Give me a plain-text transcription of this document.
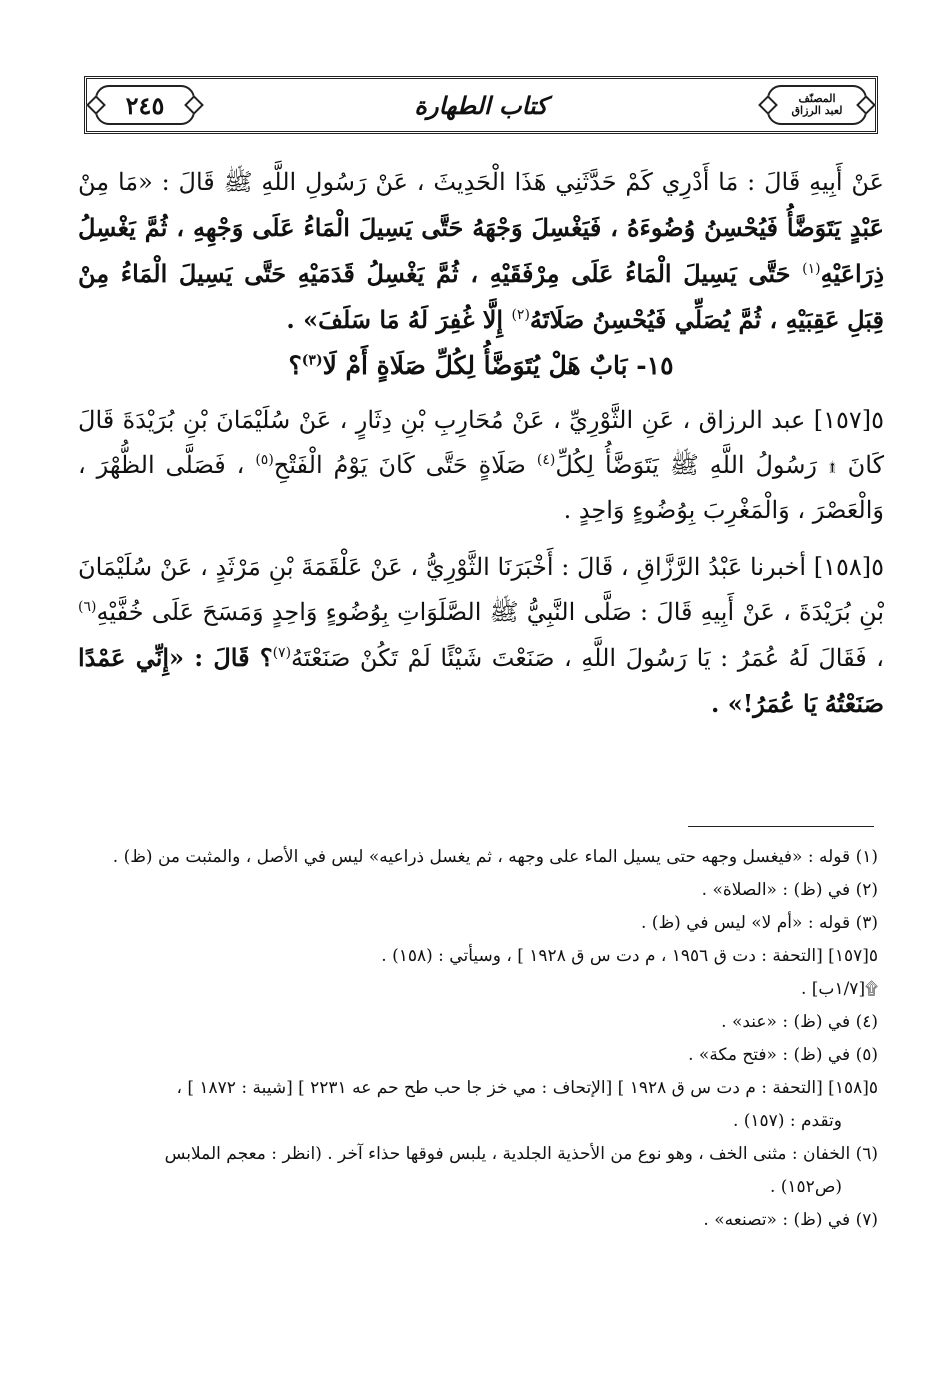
٢٤٥	كتاب الطهارة	المصنّف
لعبد الرزاق

عَنْ أَبِيهِ قَالَ : مَا أَدْرِي كَمْ حَدَّثَنِي هَذَا الْحَدِيثَ ، عَنْ رَسُولِ اللَّهِ ﷺ قَالَ : «مَا مِنْ عَبْدٍ يَتَوَضَّأُ فَيُحْسِنُ وُضُوءَهُ ، فَيَغْسِلَ وَجْهَهُ حَتَّى يَسِيلَ الْمَاءُ عَلَى وَجْهِهِ ، ثُمَّ يَغْسِلُ ذِرَاعَيْهِ$^{(١)}$ حَتَّى يَسِيلَ الْمَاءُ عَلَى مِرْفَقَيْهِ ، ثُمَّ يَغْسِلُ قَدَمَيْهِ حَتَّى يَسِيلَ الْمَاءُ مِنْ قِبَلِ عَقِبَيْهِ ، ثُمَّ يُصَلِّي فَيُحْسِنُ صَلَاتَهُ$^{(٢)}$ إِلَّا غُفِرَ لَهُ مَا سَلَفَ» .

١٥- بَابٌ هَلْ يُتَوَضَّأُ لِكُلِّ صَلَاةٍ أَمْ لَا$^{(٣)}$؟

٥[١٥٧] عبد الرزاق ، عَنِ الثَّوْرِيِّ ، عَنْ مُحَارِبِ بْنِ دِثَارٍ ، عَنْ سُلَيْمَانَ بْنِ بُرَيْدَةَ قَالَ كَانَ ۩ رَسُولُ اللَّهِ ﷺ يَتَوَضَّأُ لِكُلِّ$^{(٤)}$ صَلَاةٍ حَتَّى كَانَ يَوْمُ الْفَتْحِ$^{(٥)}$ ، فَصَلَّى الظُّهْرَ ، وَالْعَصْرَ ، وَالْمَغْرِبَ بِوُضُوءٍ وَاحِدٍ .

٥[١٥٨] أخبرنا عَبْدُ الرَّزَّاقِ ، قَالَ : أَخْبَرَنَا الثَّوْرِيُّ ، عَنْ عَلْقَمَةَ بْنِ مَرْثَدٍ ، عَنْ سُلَيْمَانَ بْنِ بُرَيْدَةَ ، عَنْ أَبِيهِ قَالَ : صَلَّى النَّبِيُّ ﷺ الصَّلَوَاتِ بِوُضُوءٍ وَاحِدٍ وَمَسَحَ عَلَى خُفَّيْهِ$^{(٦)}$ ، فَقَالَ لَهُ عُمَرُ : يَا رَسُولَ اللَّهِ ، صَنَعْتَ شَيْئًا لَمْ تَكُنْ صَنَعْتَهُ$^{(٧)}$؟ قَالَ : «إِنِّي عَمْدًا صَنَعْتُهُ يَا عُمَرُ!» .

(١) قوله : «فيغسل وجهه حتى يسيل الماء على وجهه ، ثم يغسل ذراعيه» ليس في الأصل ، والمثبت من (ظ) .

(٢) في (ظ) : «الصلاة» .

(٣) قوله : «أم لا» ليس في (ظ) .

٥[١٥٧] [التحفة : دت ق ١٩٥٦ ، م دت س ق ١٩٢٨ ] ، وسيأتي : (١٥٨) .

۩[١/٧ب] .

(٤) في (ظ) : «عند» .

(٥) في (ظ) : «فتح مكة» .

٥[١٥٨] [التحفة : م دت س ق ١٩٢٨ ] [الإتحاف : مي خز جا حب طح حم عه ٢٢٣١ ] [شيبة : ١٨٧٢ ] ،

وتقدم : (١٥٧) .

(٦) الخفان : مثنى الخف ، وهو نوع من الأحذية الجلدية ، يلبس فوقها حذاء آخر . (انظر : معجم الملابس

(ص١٥٢) .

(٧) في (ظ) : «تصنعه» .
